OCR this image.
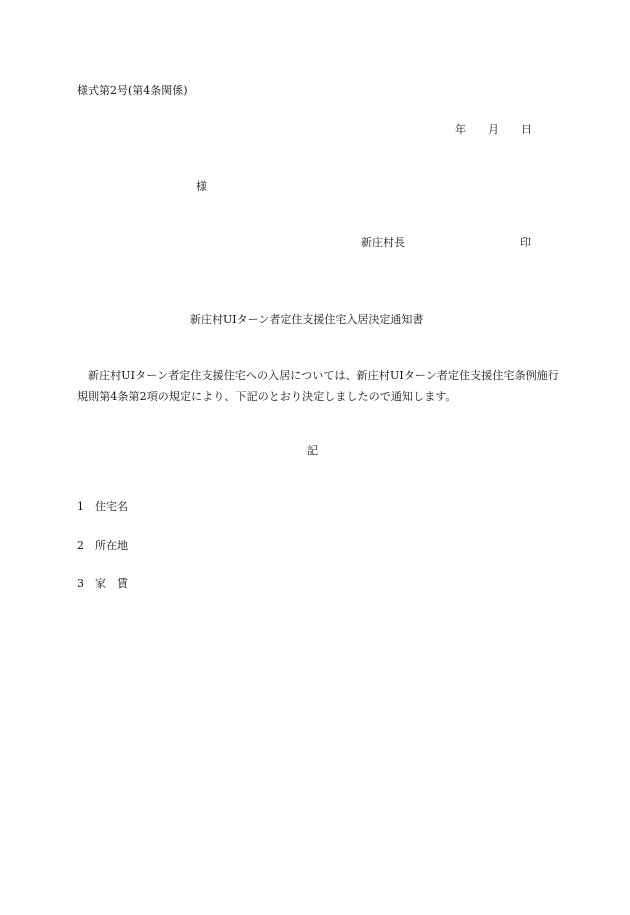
様式第2号(第4条関係)

年 月 日

様

新庄村長	印

新庄村UIターン者定住支援住宅入居決定通知書

新庄村UIターン者定住支援住宅への入居については、新庄村UIターン者定住支援住宅条例施行規則第4条第2項の規定により、下記のとおり決定しましたので通知します。

記

1 住宅名

2 所在地

3 家 賃
